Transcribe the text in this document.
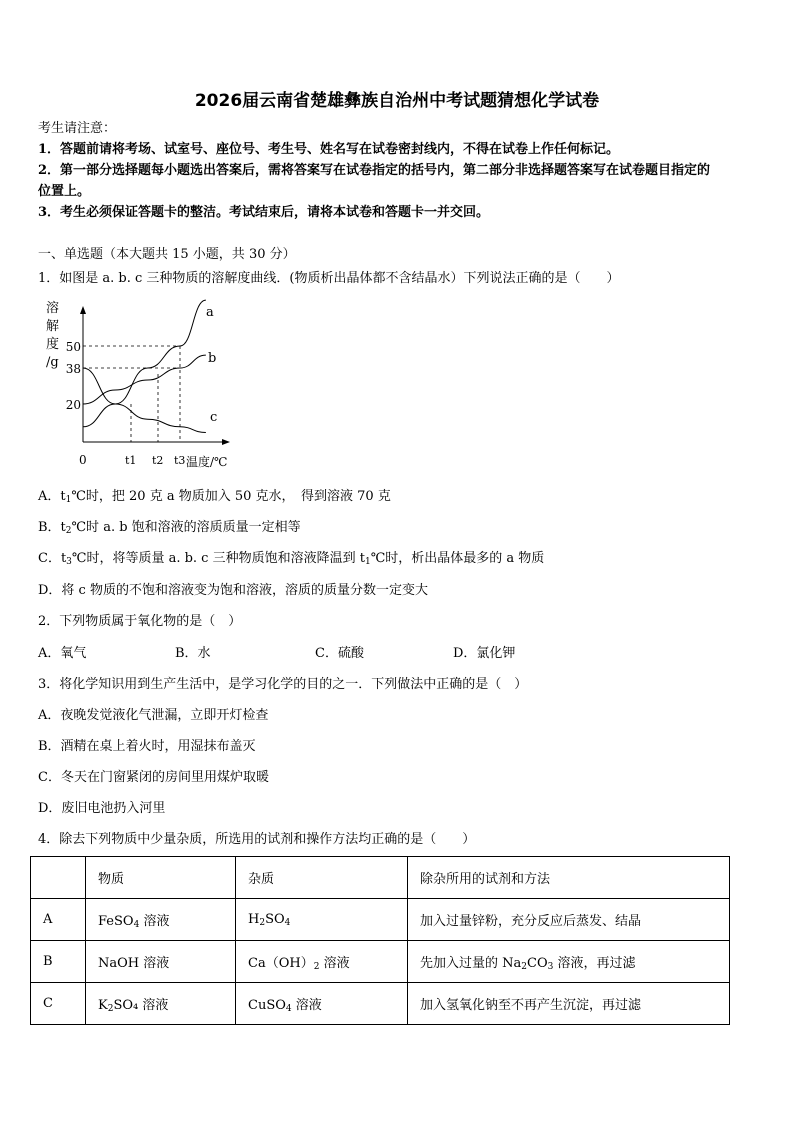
2026届云南省楚雄彝族自治州中考试题猜想化学试卷
考生请注意：
1．答题前请将考场、试室号、座位号、考生号、姓名写在试卷密封线内，不得在试卷上作任何标记。
2．第一部分选择题每小题选出答案后，需将答案写在试卷指定的括号内，第二部分非选择题答案写在试卷题目指定的
位置上。
3．考生必须保证答题卡的整洁。考试结束后，请将本试卷和答题卡一并交回。
一、单选题（本大题共 15 小题，共 30 分）
1．如图是 a. b. c 三种物质的溶解度曲线．(物质析出晶体都不含结晶水）下列说法正确的是（　　）
溶
解
度
/g
50
38
20
0	t1 t2 t3 温度/℃
a
b
c
A．$t_1℃$时，把 20 克 a 物质加入 50 克水，　得到溶液 70 克
B．$t_2℃$时 a. b 饱和溶液的溶质质量一定相等
C．$t_3℃$时，将等质量 a. b. c 三种物质饱和溶液降温到 $t_1℃$时，析出晶体最多的 a 物质
D．将 c 物质的不饱和溶液变为饱和溶液，溶质的质量分数一定变大
2．下列物质属于氧化物的是（　）
A．氧气	B．水	C．硫酸	D．氯化钾
3．将化学知识用到生产生活中，是学习化学的目的之一．下列做法中正确的是（　）
A．夜晚发觉液化气泄漏，立即开灯检查
B．酒精在桌上着火时，用湿抹布盖灭
C．冬天在门窗紧闭的房间里用煤炉取暖
D．废旧电池扔入河里
4．除去下列物质中少量杂质，所选用的试剂和操作方法均正确的是（　　）
	物质	杂质	除杂所用的试剂和方法
A	FeSO$_4$ 溶液	$H_2SO_4$	加入过量锌粉，充分反应后蒸发、结晶
B	NaOH 溶液	$Ca(OH)_2$ 溶液	先加入过量的 $Na_2CO_3$ 溶液，再过滤
C	$K_2SO_4$ 溶液	CuSO$_4$ 溶液	加入氢氧化钠至不再产生沉淀，再过滤
